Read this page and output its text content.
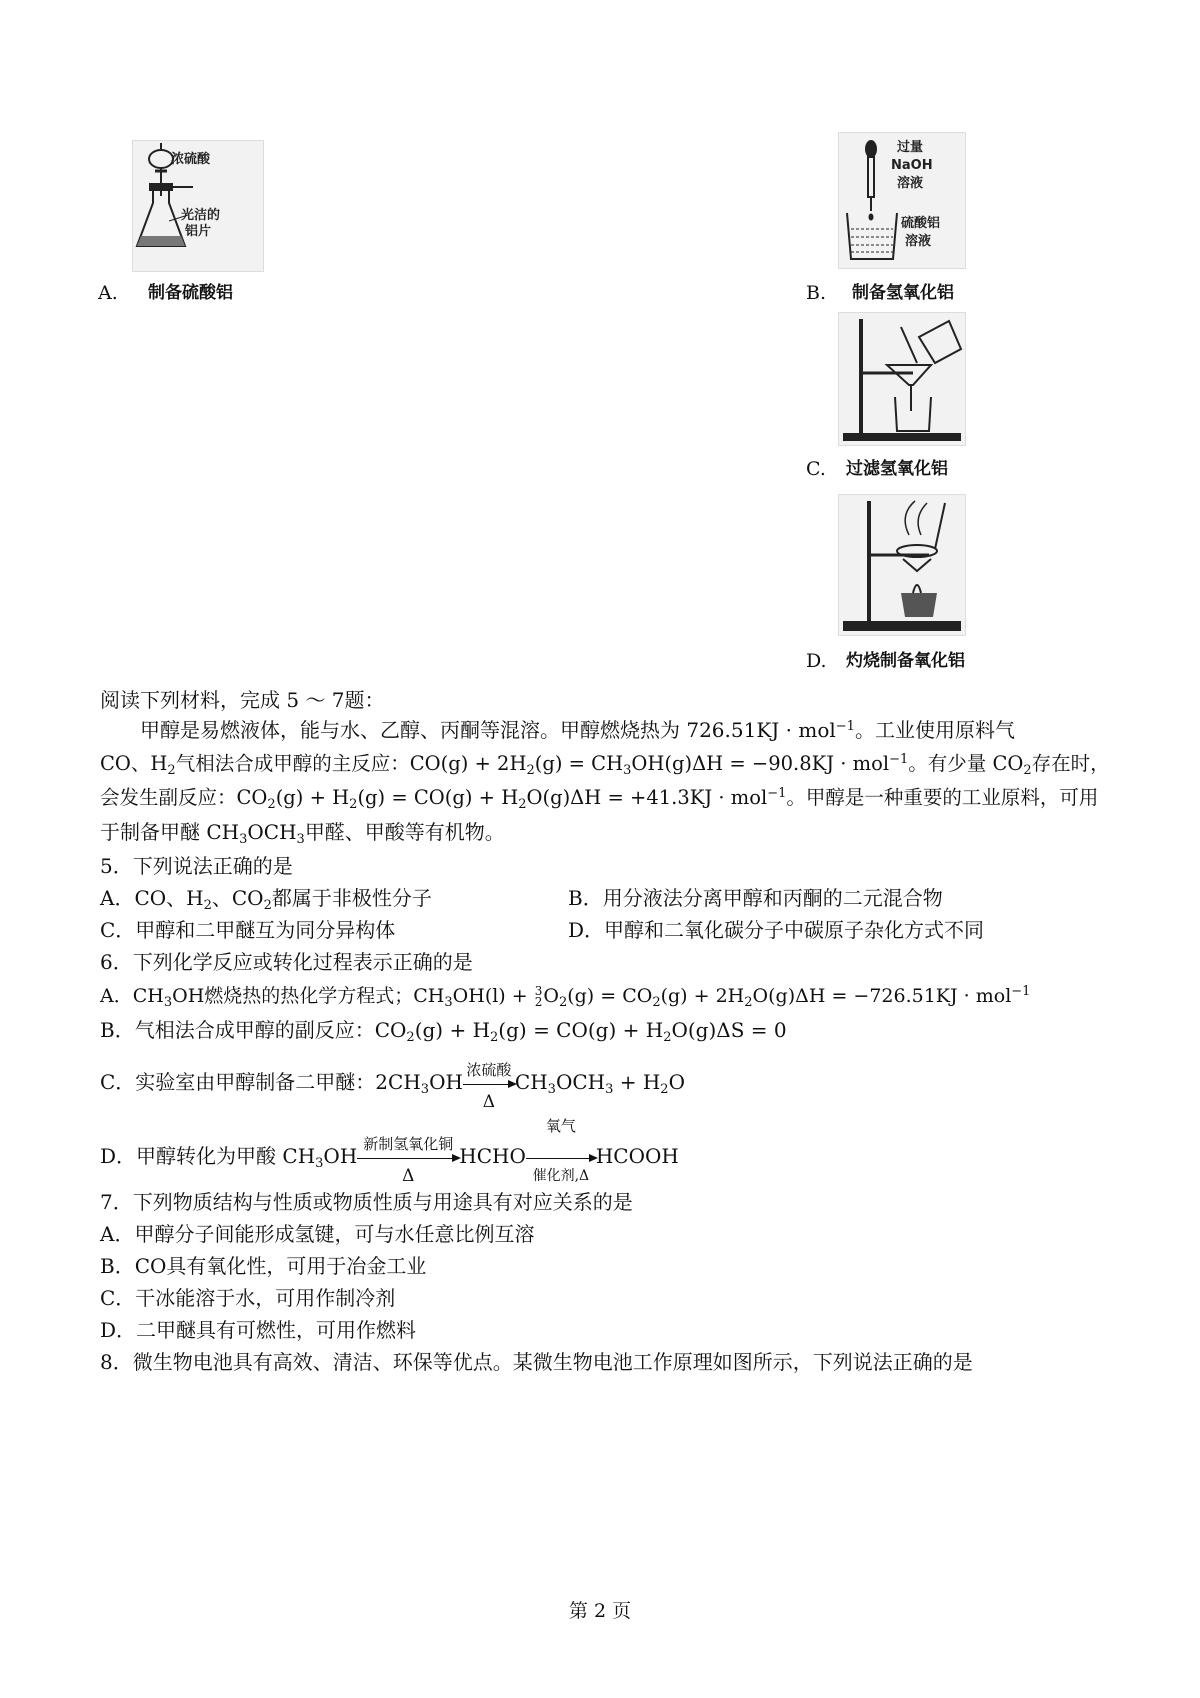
浓硫酸
光洁的
铝片
A. 制备硫酸铝
过量
NaOH
溶液
硫酸铝
溶液
B. 制备氢氧化铝
C. 过滤氢氧化铝
D. 灼烧制备氧化铝
阅读下列材料，完成 5 ～ 7题：
甲醇是易燃液体，能与水、乙醇、丙酮等混溶。甲醇燃烧热为 726.51KJ · mol$^{-1}$。工业使用原料气
CO、$H_2$气相法合成甲醇的主反应：$CO(g) + 2H_2(g) = CH_3OH(g)\Delta H = -90.8KJ \cdot mol^{-1}$。有少量 $CO_2$存在时，
会发生副反应：$CO_2(g) + H_2(g) = CO(g) + H_2O(g)\Delta H = +41.3KJ \cdot mol^{-1}$。甲醇是一种重要的工业原料，可用
于制备甲醚 $CH_3OCH_3$甲醛、甲酸等有机物。
5．下列说法正确的是
A．CO、$H_2$、$CO_2$都属于非极性分子	B．用分液法分离甲醇和丙酮的二元混合物
C．甲醇和二甲醚互为同分异构体	D．甲醇和二氧化碳分子中碳原子杂化方式不同
6．下列化学反应或转化过程表示正确的是
A．$CH_3OH$燃烧热的热化学方程式；$CH_3OH(l) + 3$
2 $O_2(g) = CO_2(g) + 2H_2O(g)\Delta H = -726.51KJ \cdot mol^{-1}$
B．气相法合成甲醇的副反应：$CO_2(g) + H_2(g) = CO(g) + H_2O(g)\Delta S = 0$
C．实验室由甲醇制备二甲醚：$2CH_3OH$ 浓硫酸
Δ
$CH_3OCH_3 + H_2O$
D．甲醇转化为甲酸 $CH_3OH$ 新制氢氧化铜
Δ
HCHO
氧气
催化剂,Δ
HCOOH
7．下列物质结构与性质或物质性质与用途具有对应关系的是
A．甲醇分子间能形成氢键，可与水任意比例互溶
B．CO具有氧化性，可用于冶金工业
C．干冰能溶于水，可用作制冷剂
D．二甲醚具有可燃性，可用作燃料
8．微生物电池具有高效、清洁、环保等优点。某微生物电池工作原理如图所示，下列说法正确的是
第 2 页
